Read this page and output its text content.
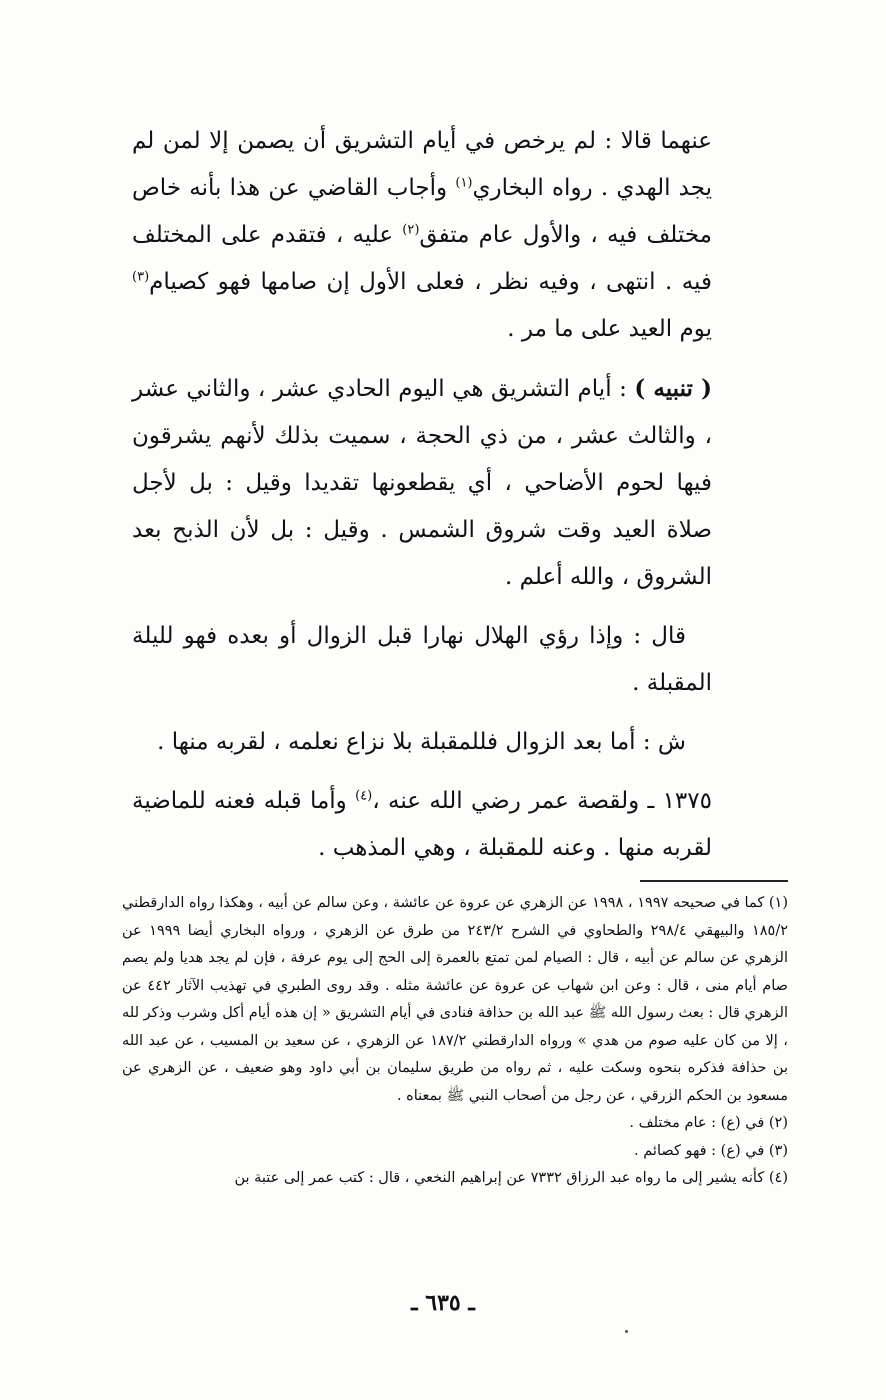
عنهما قالا : لم يرخص في أيام التشريق أن يصمن إلا لمن لم يجد الهدي . رواه البخاري$^{(١)}$ وأجاب القاضي عن هذا بأنه خاص مختلف فيه ، والأول عام متفق$^{(٢)}$ عليه ، فتقدم على المختلف فيه . انتهى ، وفيه نظر ، فعلى الأول إن صامها فهو كصيام$^{(٣)}$ يوم العيد على ما مر .

( تنبيه ) : أيام التشريق هي اليوم الحادي عشر ، والثاني عشر ، والثالث عشر ، من ذي الحجة ، سميت بذلك لأنهم يشرقون فيها لحوم الأضاحي ، أي يقطعونها تقديدا وقيل : بل لأجل صلاة العيد وقت شروق الشمس . وقيل : بل لأن الذبح بعد الشروق ، والله أعلم .

قال : وإذا رؤي الهلال نهارا قبل الزوال أو بعده فهو لليلة المقبلة .

ش : أما بعد الزوال فللمقبلة بلا نزاع نعلمه ، لقربه منها .

١٣٧٥ ـ ولقصة عمر رضي الله عنه ،$^{(٤)}$ وأما قبله فعنه للماضية لقربه منها . وعنه للمقبلة ، وهي المذهب .

(١) كما في صحيحه ١٩٩٧ ، ١٩٩٨ عن الزهري عن عروة عن عائشة ، وعن سالم عن أبيه ، وهكذا رواه الدارقطني ١٨٥/٢ والبيهقي ٢٩٨/٤ والطحاوي في الشرح ٢٤٣/٢ من طرق عن الزهري ، ورواه البخاري أيضا ١٩٩٩ عن الزهري عن سالم عن أبيه ، قال : الصيام لمن تمتع بالعمرة إلى الحج إلى يوم عرفة ، فإن لم يجد هديا ولم يصم صام أيام منى ، قال : وعن ابن شهاب عن عروة عن عائشة مثله . وقد روى الطبري في تهذيب الآثار ٤٤٢ عن الزهري قال : بعث رسول الله ﷺ عبد الله بن حذافة فنادى في أيام التشريق « إن هذه أيام أكل وشرب وذكر لله ، إلا من كان عليه صوم من هدي » ورواه الدارقطني ١٨٧/٢ عن الزهري ، عن سعيد بن المسيب ، عن عبد الله بن حذافة فذكره بنحوه وسكت عليه ، ثم رواه من طريق سليمان بن أبي داود وهو ضعيف ، عن الزهري عن مسعود بن الحكم الزرقي ، عن رجل من أصحاب النبي ﷺ بمعناه .

(٢) في (ع) : عام مختلف .

(٣) في (ع) : فهو كصائم .

(٤) كأنه يشير إلى ما رواه عبد الرزاق ٧٣٣٢ عن إبراهيم النخعي ، قال : كتب عمر إلى عتبة بن

ـ ٦٣٥ ـ
